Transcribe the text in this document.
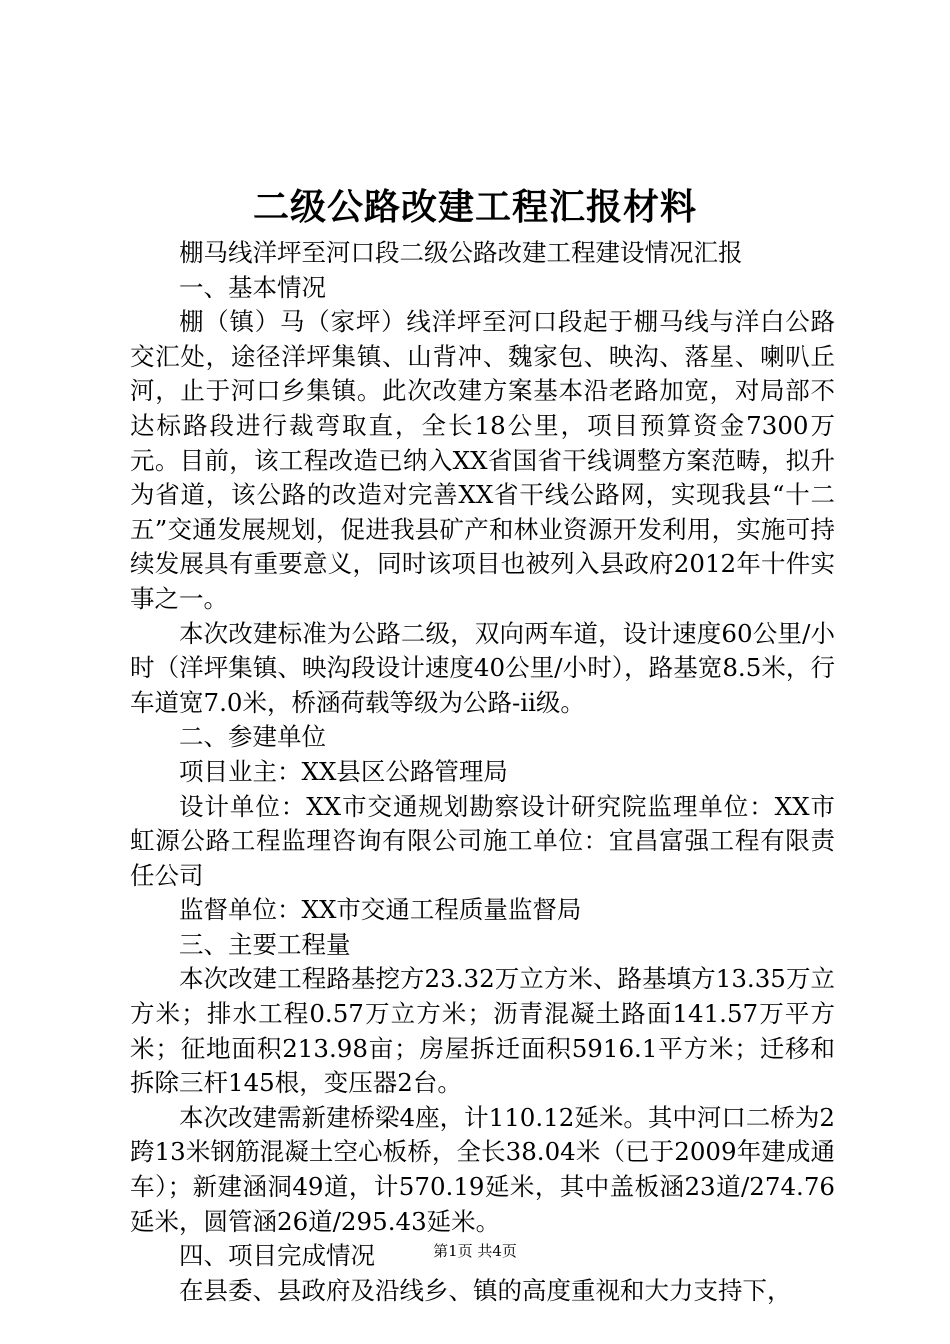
二级公路改建工程汇报材料

棚马线洋坪至河口段二级公路改建工程建设情况汇报

一、基本情况

棚（镇）马（家坪）线洋坪至河口段起于棚马线与洋白公路交汇处，途径洋坪集镇、山背冲、魏家包、映沟、落星、喇叭丘河，止于河口乡集镇。此次改建方案基本沿老路加宽，对局部不达标路段进行裁弯取直，全长18公里，项目预算资金7300万元。目前，该工程改造已纳入XX省国省干线调整方案范畴，拟升为省道，该公路的改造对完善XX省干线公路网，实现我县“十二五”交通发展规划，促进我县矿产和林业资源开发利用，实施可持续发展具有重要意义，同时该项目也被列入县政府2012年十件实事之一。

本次改建标准为公路二级，双向两车道，设计速度60公里/小时（洋坪集镇、映沟段设计速度40公里/小时），路基宽8.5米，行车道宽7.0米，桥涵荷载等级为公路-ii级。

二、参建单位

项目业主：XX县区公路管理局

设计单位：XX市交通规划勘察设计研究院监理单位：XX市虹源公路工程监理咨询有限公司施工单位：宜昌富强工程有限责任公司

监督单位：XX市交通工程质量监督局

三、主要工程量

本次改建工程路基挖方23.32万立方米、路基填方13.35万立方米；排水工程0.57万立方米；沥青混凝土路面141.57万平方米；征地面积213.98亩；房屋拆迁面积5916.1平方米；迁移和拆除三杆145根，变压器2台。

本次改建需新建桥梁4座，计110.12延米。其中河口二桥为2跨13米钢筋混凝土空心板桥，全长38.04米（已于2009年建成通车）；新建涵洞49道，计570.19延米，其中盖板涵23道/274.76延米，圆管涵26道/295.43延米。

四、项目完成情况

在县委、县政府及沿线乡、镇的高度重视和大力支持下，

第1页 共4页
